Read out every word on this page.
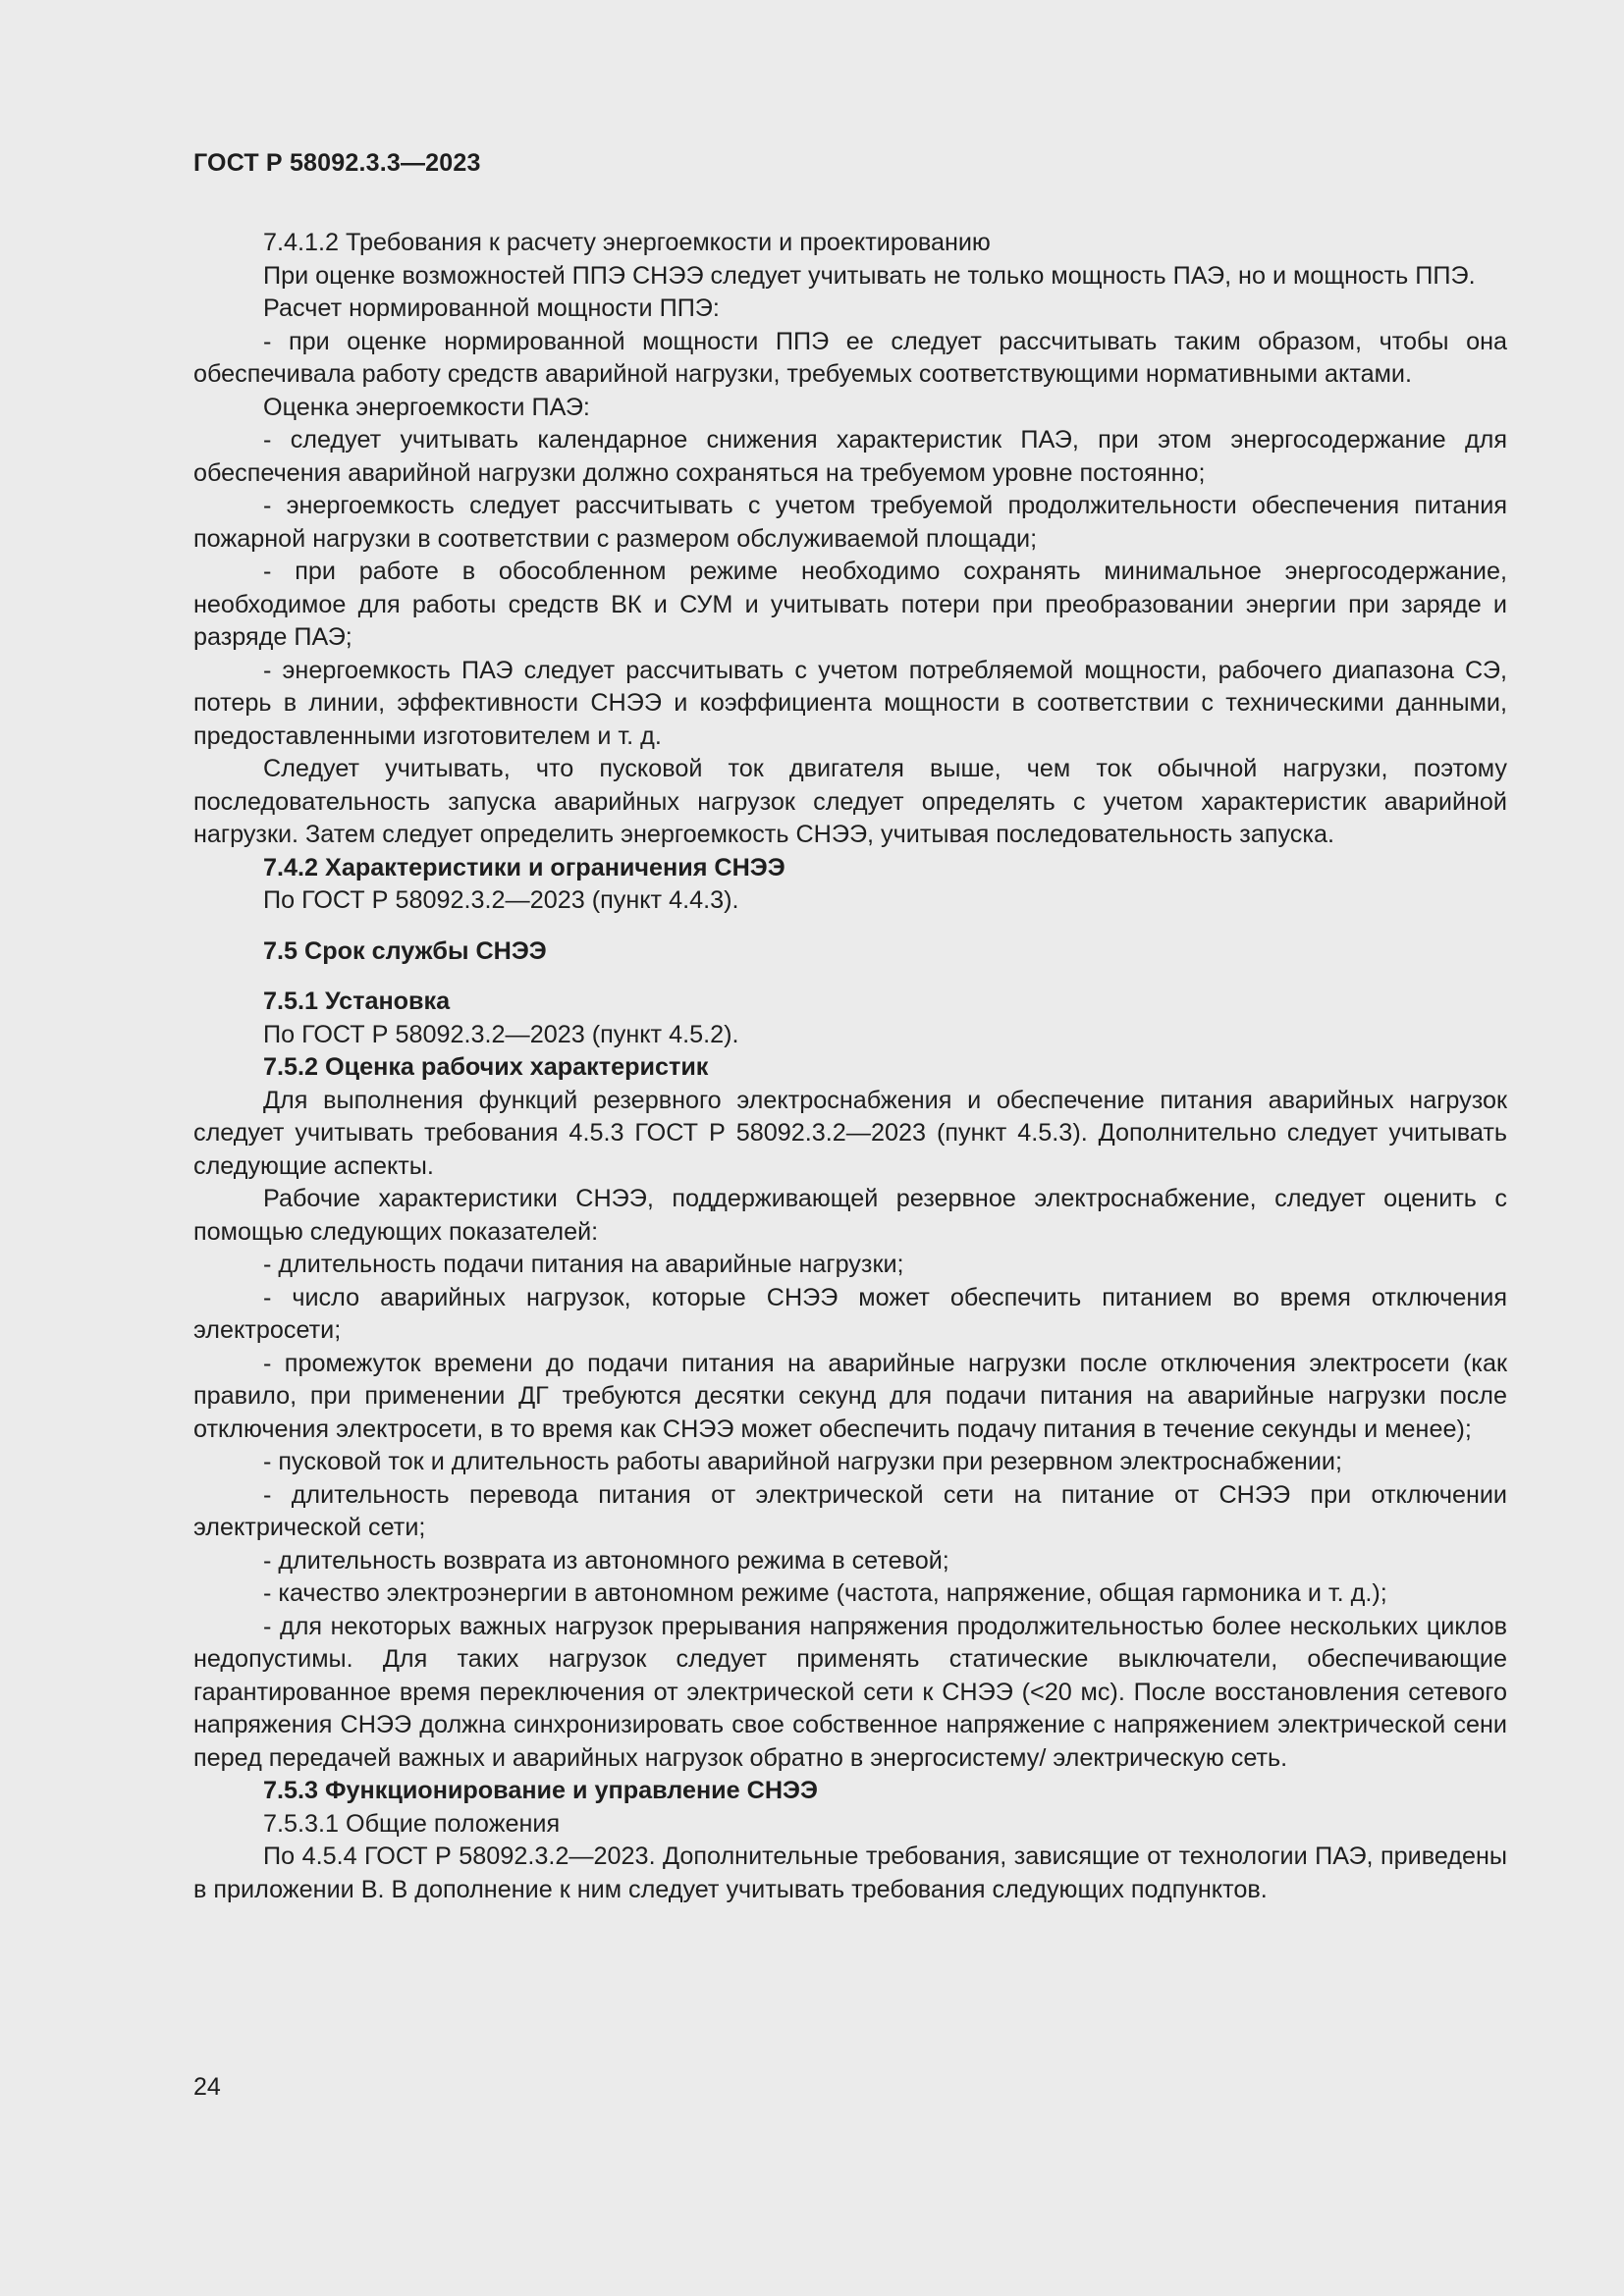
ГОСТ Р 58092.3.3—2023

7.4.1.2 Требования к расчету энергоемкости и проектированию

При оценке возможностей ППЭ СНЭЭ следует учитывать не только мощность ПАЭ, но и мощность ППЭ.

Расчет нормированной мощности ППЭ:

- при оценке нормированной мощности ППЭ ее следует рассчитывать таким образом, чтобы она обеспечивала работу средств аварийной нагрузки, требуемых соответствующими нормативными актами.

Оценка энергоемкости ПАЭ:

- следует учитывать календарное снижения характеристик ПАЭ, при этом энергосодержание для обеспечения аварийной нагрузки должно сохраняться на требуемом уровне постоянно;

- энергоемкость следует рассчитывать с учетом требуемой продолжительности обеспечения питания пожарной нагрузки в соответствии с размером обслуживаемой площади;

- при работе в обособленном режиме необходимо сохранять минимальное энергосодержание, необходимое для работы средств ВК и СУМ и учитывать потери при преобразовании энергии при заряде и разряде ПАЭ;

- энергоемкость ПАЭ следует рассчитывать с учетом потребляемой мощности, рабочего диапазона СЭ, потерь в линии, эффективности СНЭЭ и коэффициента мощности в соответствии с техническими данными, предоставленными изготовителем и т. д.

Следует учитывать, что пусковой ток двигателя выше, чем ток обычной нагрузки, поэтому последовательность запуска аварийных нагрузок следует определять с учетом характеристик аварийной нагрузки. Затем следует определить энергоемкость СНЭЭ, учитывая последовательность запуска.

7.4.2 Характеристики и ограничения СНЭЭ

По ГОСТ Р 58092.3.2—2023 (пункт 4.4.3).

7.5 Срок службы СНЭЭ

7.5.1 Установка

По ГОСТ Р 58092.3.2—2023 (пункт 4.5.2).

7.5.2 Оценка рабочих характеристик

Для выполнения функций резервного электроснабжения и обеспечение питания аварийных нагрузок следует учитывать требования 4.5.3 ГОСТ Р 58092.3.2—2023 (пункт 4.5.3). Дополнительно следует учитывать следующие аспекты.

Рабочие характеристики СНЭЭ, поддерживающей резервное электроснабжение, следует оценить с помощью следующих показателей:

- длительность подачи питания на аварийные нагрузки;

- число аварийных нагрузок, которые СНЭЭ может обеспечить питанием во время отключения электросети;

- промежуток времени до подачи питания на аварийные нагрузки после отключения электросети (как правило, при применении ДГ требуются десятки секунд для подачи питания на аварийные нагрузки после отключения электросети, в то время как СНЭЭ может обеспечить подачу питания в течение секунды и менее);

- пусковой ток и длительность работы аварийной нагрузки при резервном электроснабжении;

- длительность перевода питания от электрической сети на питание от СНЭЭ при отключении электрической сети;

- длительность возврата из автономного режима в сетевой;

- качество электроэнергии в автономном режиме (частота, напряжение, общая гармоника и т. д.);

- для некоторых важных нагрузок прерывания напряжения продолжительностью более нескольких циклов недопустимы. Для таких нагрузок следует применять статические выключатели, обеспечивающие гарантированное время переключения от электрической сети к СНЭЭ (<20 мс). После восстановления сетевого напряжения СНЭЭ должна синхронизировать свое собственное напряжение с напряжением электрической сени перед передачей важных и аварийных нагрузок обратно в энергосистему/ электрическую сеть.

7.5.3 Функционирование и управление СНЭЭ

7.5.3.1 Общие положения

По 4.5.4 ГОСТ Р 58092.3.2—2023. Дополнительные требования, зависящие от технологии ПАЭ, приведены в приложении В. В дополнение к ним следует учитывать требования следующих подпунктов.

24
